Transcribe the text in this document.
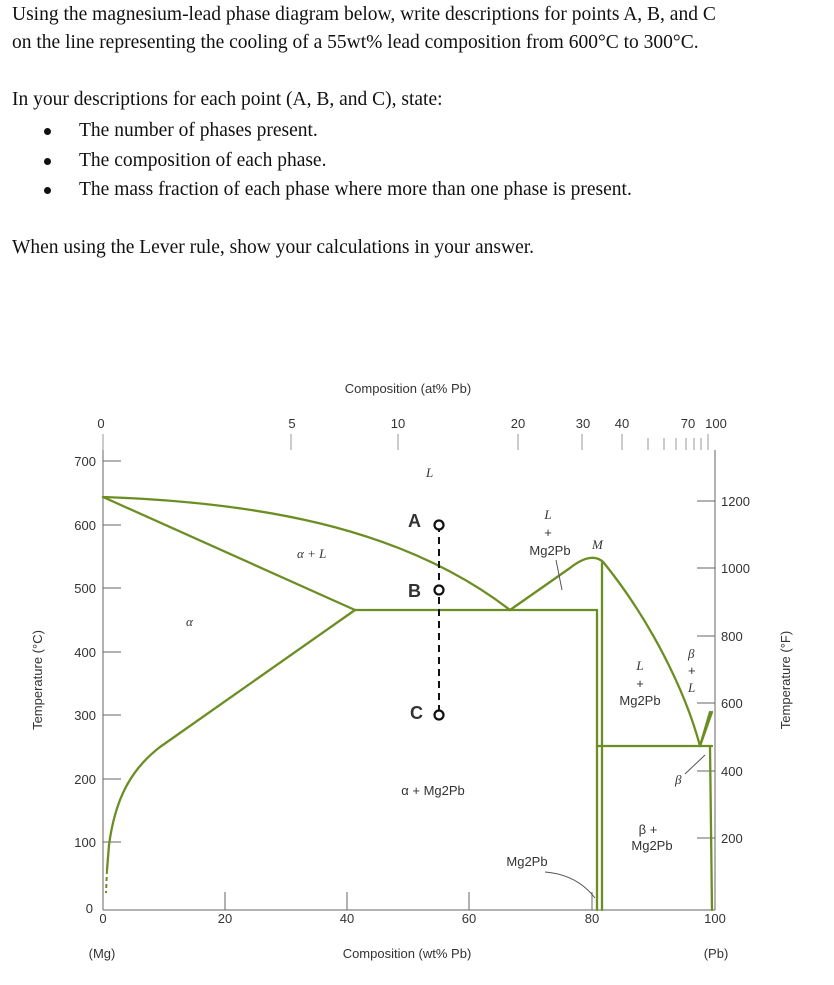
Using the magnesium-lead phase diagram below, write descriptions for points A, B, and C
on the line representing the cooling of a 55wt% lead composition from 600°C to 300°C.
In your descriptions for each point (A, B, and C), state:
The number of phases present.
The composition of each phase.
The mass fraction of each phase where more than one phase is present.
When using the Lever rule, show your calculations in your answer.
700
600
500
400
300
200
100
0
Temperature (°C)
1200
1000
800
600
400
200
Temperature (°F)
Composition (at% Pb)
0	5	10	20	30 40	70 100
0	20	40	60	80	100
Composition (wt% Pb)
(Mg)	(Pb)
A
B
C
L
α
α + L
L
+
Mg2Pb M
L
+
Mg2Pb
β
+
L
α + Mg2Pb
Mg2Pb
β +
Mg2Pb
β
